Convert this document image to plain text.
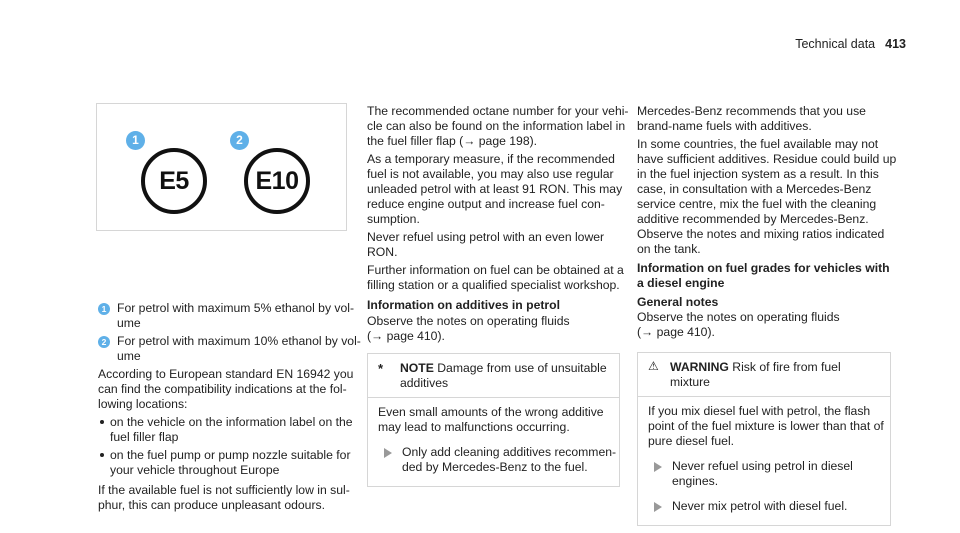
Technical data 413
1	2
E5	E10
1 For petrol with maximum 5% ethanol by vol-
ume
2 For petrol with maximum 10% ethanol by vol-
ume
According to European standard EN 16942 you
can find the compatibility indications at the fol-
lowing locations:
on the vehicle on the information label on the
fuel filler flap
on the fuel pump or pump nozzle suitable for
your vehicle throughout Europe
If the available fuel is not sufficiently low in sul-
phur, this can produce unpleasant odours.
The recommended octane number for your vehi-
cle can also be found on the information label in
the fuel filler flap (→ page 198).
As a temporary measure, if the recommended
fuel is not available, you may also use regular
unleaded petrol with at least 91 RON. This may
reduce engine output and increase fuel con-
sumption.
Never refuel using petrol with an even lower
RON.
Further information on fuel can be obtained at a
filling station or a qualified specialist workshop.
Information on additives in petrol
Observe the notes on operating fluids
(→ page 410).
* NOTE Damage from use of unsuitable additives
Even small amounts of the wrong additive
may lead to malfunctions occurring.
Only add cleaning additives recommen-
ded by Mercedes-Benz to the fuel.
Mercedes-Benz recommends that you use
brand-name fuels with additives.
In some countries, the fuel available may not
have sufficient additives. Residue could build up
in the fuel injection system as a result. In this
case, in consultation with a Mercedes-Benz
service centre, mix the fuel with the cleaning
additive recommended by Mercedes-Benz.
Observe the notes and mixing ratios indicated
on the tank.
Information on fuel grades for vehicles with
a diesel engine
General notes
Observe the notes on operating fluids
(→ page 410).
⚠ WARNING Risk of fire from fuel mixture
If you mix diesel fuel with petrol, the flash
point of the fuel mixture is lower than that of
pure diesel fuel.
Never refuel using petrol in diesel
engines.
Never mix petrol with diesel fuel.
